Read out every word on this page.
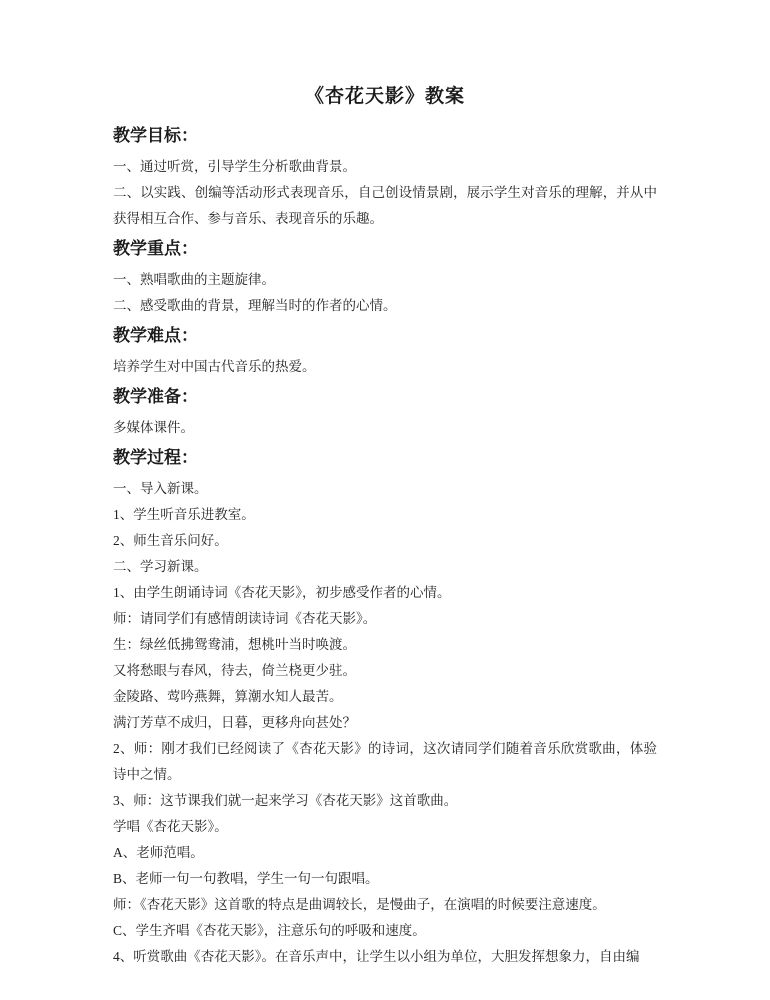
《杏花天影》教案
教学目标：

一、通过听赏，引导学生分析歌曲背景。

二、以实践、创编等活动形式表现音乐，自己创设情景剧，展示学生对音乐的理解，并从中获得相互合作、参与音乐、表现音乐的乐趣。

教学重点：

一、熟唱歌曲的主题旋律。

二、感受歌曲的背景，理解当时的作者的心情。

教学难点：

培养学生对中国古代音乐的热爱。

教学准备：

多媒体课件。

教学过程：

一、导入新课。

1、学生听音乐进教室。

2、师生音乐问好。

二、学习新课。

1、由学生朗诵诗词《杏花天影》，初步感受作者的心情。

师：请同学们有感情朗读诗词《杏花天影》。

生：绿丝低拂鸳鸯浦，想桃叶当时唤渡。

又将愁眼与春风，待去，倚兰桡更少驻。

金陵路、莺吟燕舞，算潮水知人最苦。

满汀芳草不成归，日暮，更移舟向甚处？

2、师：刚才我们已经阅读了《杏花天影》的诗词，这次请同学们随着音乐欣赏歌曲，体验诗中之情。

3、师：这节课我们就一起来学习《杏花天影》这首歌曲。

学唱《杏花天影》。

A、老师范唱。

B、老师一句一句教唱，学生一句一句跟唱。

师：《杏花天影》这首歌的特点是曲调较长，是慢曲子，在演唱的时候要注意速度。

C、学生齐唱《杏花天影》，注意乐句的呼吸和速度。

4、听赏歌曲《杏花天影》。在音乐声中，让学生以小组为单位，大胆发挥想象力，自由编
